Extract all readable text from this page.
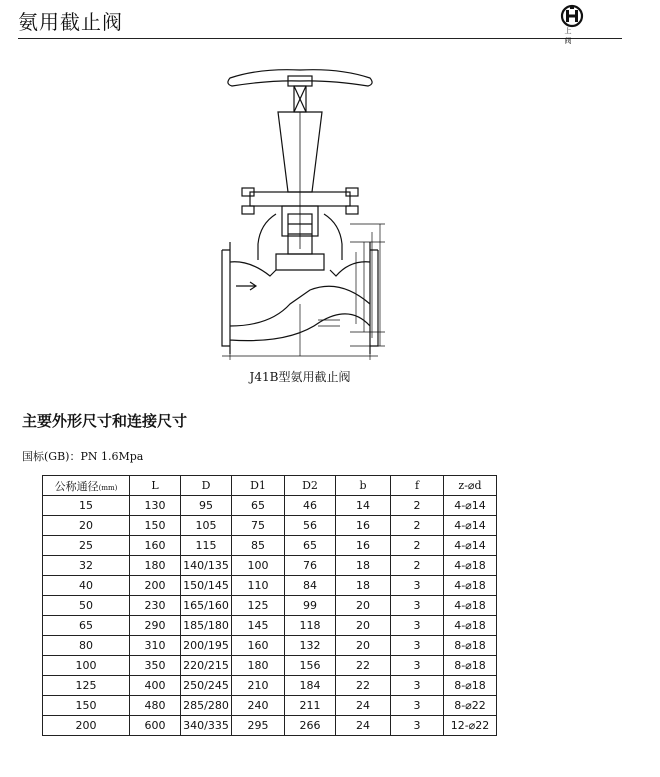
氨用截止阀	上 阀
J41B型氨用截止阀
主要外形尺寸和连接尺寸
国标(GB)：PN 1.6Mpa
公称通径(mm)	L	D	D1	D2	b	f	z-⌀d
15	130	95	65	46	14	2	4-⌀14
20	150	105	75	56	16	2	4-⌀14
25	160	115	85	65	16	2	4-⌀14
32	180	140/135	100	76	18	2	4-⌀18
40	200	150/145	110	84	18	3	4-⌀18
50	230	165/160	125	99	20	3	4-⌀18
65	290	185/180	145	118	20	3	4-⌀18
80	310	200/195	160	132	20	3	8-⌀18
100	350	220/215	180	156	22	3	8-⌀18
125	400	250/245	210	184	22	3	8-⌀18
150	480	285/280	240	211	24	3	8-⌀22
200	600	340/335	295	266	24	3	12-⌀22
